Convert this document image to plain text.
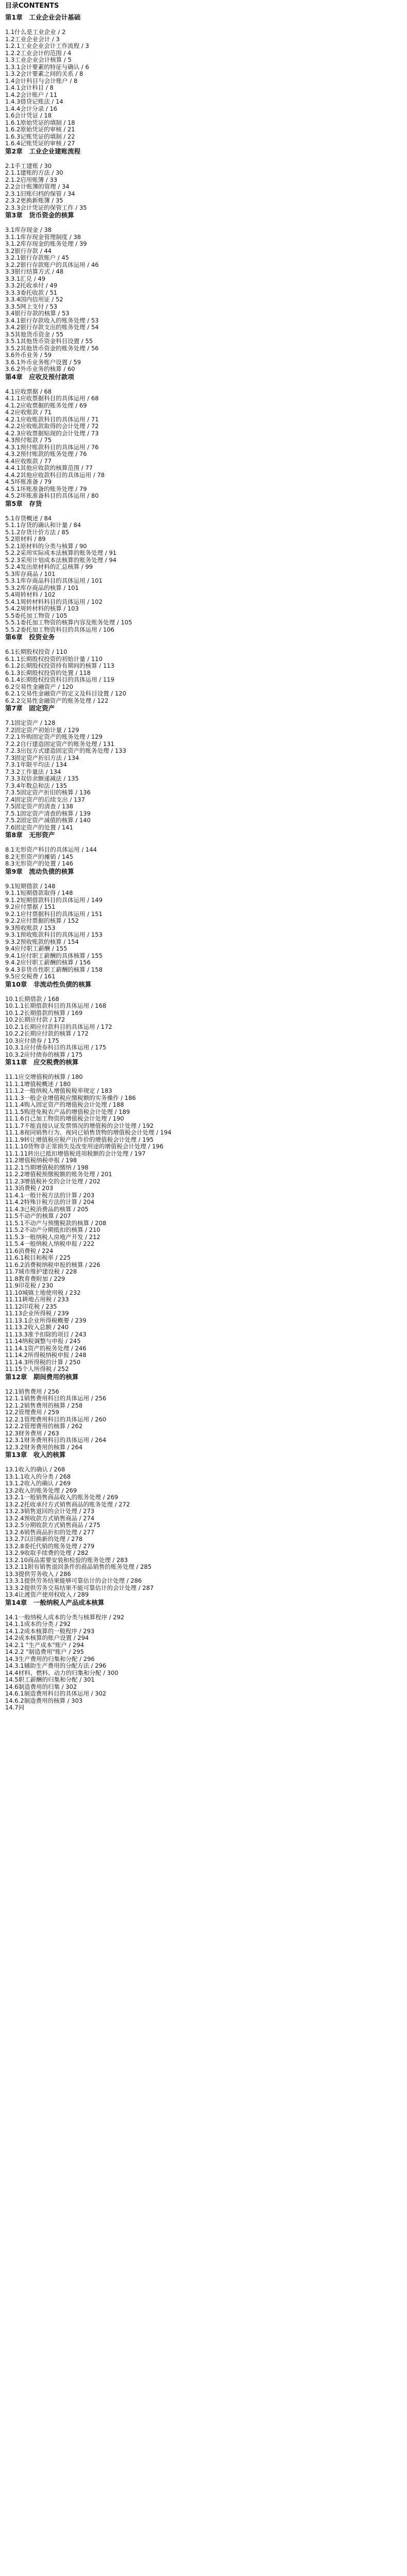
目录CONTENTS
第1章　工业企业会计基础
1.1什么是工业企业 / 2
1.2工业企业会计 / 3
1.2.1工业企业会计工作流程 / 3
1.2.2工业会计的范围 / 4
1.3工业企业会计核算 / 5
1.3.1会计要素的特征与确认 / 6
1.3.2会计要素之间的关系 / 8
1.4会计科目与会计账户 / 8
1.4.1会计科目 / 8
1.4.2会计账户 / 11
1.4.3借贷记账法 / 14
1.4.4会计分录 / 16
1.6会计凭证 / 18
1.6.1原始凭证的填制 / 18
1.6.2原始凭证的审核 / 21
1.6.3记账凭证的填制 / 22
1.6.4记账凭证的审核 / 27
第2章　工业企业建账流程
2.1手工建账 / 30
2.1.1建账的方法 / 30
2.1.2启用账簿 / 33
2.2会计账簿的管理 / 34
2.3.1旧账归档的保管 / 34
2.3.2更换新账簿 / 35
2.3.3会计凭证的保管工作 / 35
第3章　货币资金的核算
3.1库存现金 / 38
3.1.1库存现金管理制度 / 38
3.1.2库存现金的账务处理 / 39
3.2银行存款 / 44
3.2.1银行存款账户 / 45
3.2.2银行存款账户的具体运用 / 46
3.3银行结算方式 / 48
3.3.1汇兑 / 49
3.3.2托收承付 / 49
3.3.3委托收款 / 51
3.3.4国内信用证 / 52
3.3.5网上支付 / 53
3.4银行存款的核算 / 53
3.4.1银行存款收入的账务处理 / 53
3.4.2银行存款支出的账务处理 / 54
3.5其他货币资金 / 55
3.5.1其他货币资金科目设置 / 55
3.5.2其他货币资金的账务处理 / 56
3.6外币业务 / 59
3.6.1外币业务账户设置 / 59
3.6.2外币业务的核算 / 60
第4章　应收及预付款项
4.1应收票据 / 68
4.1.1应收票据科目的具体运用 / 68
4.1.2应收票据的账务处理 / 69
4.2应收账款 / 71
4.2.1应收账款科目的具体运用 / 71
4.2.2应收账款取得的会计处理 / 72
4.2.3应收票据贴现的会计处理 / 73
4.3预付账款 / 75
4.3.1预付账款科目的具体运用 / 76
4.3.2预付账款的账务处理 / 76
4.4应收账款 / 77
4.4.1其他应收款的核算范围 / 77
4.4.2其他应收款科目的具体运用 / 78
4.5坏账准备 / 79
4.5.1坏账准备的账务处理 / 79
4.5.2坏账准备科目的具体运用 / 80
第5章　存货
5.1存货概述 / 84
5.1.1存货的确认和计量 / 84
5.1.2存货计价方法 / 85
5.2原材料 / 89
5.2.1原材料的分类与核算 / 90
5.2.2采用实际成本法核算的账务处理 / 91
5.2.3采用计划成本法核算的账务处理 / 94
5.2.4发出原材料的汇总核算 / 99
5.3库存商品 / 101
5.3.1库存商品科目的具体运用 / 101
5.3.2库存商品的核算 / 101
5.4周转材料 / 102
5.4.1周转材料科目的具体运用 / 102
5.4.2周转材料的核算 / 103
5.5委托加工物资 / 105
5.5.1委托加工物资的核算内容及账务处理 / 105
5.5.2委托加工物资科目的具体运用 / 106
第6章　投资业务
6.1长期股权投资 / 110
6.1.1长期股权投资的初始计量 / 110
6.1.2长期股权投资持有期间的核算 / 113
6.1.3长期股权投资的处置 / 118
6.1.4长期股权投资科目的具体运用 / 119
6.2交易性金融资产 / 120
6.2.1交易性金融资产的定义及科目设置 / 120
6.2.2交易性金融资产的账务处理 / 122
第7章　固定资产
7.1固定资产 / 128
7.2固定资产初始计量 / 129
7.2.1外购固定资产的账务处理 / 129
7.2.2自行建造固定资产的账务处理 / 131
7.2.3出包方式建造固定资产的账务处理 / 133
7.3固定资产折旧方法 / 134
7.3.1年限平均法 / 134
7.3.2工作量法 / 134
7.3.3双倍余额递减法 / 135
7.3.4年数总和法 / 135
7.3.5固定资产折旧的核算 / 136
7.4固定资产的后续支出 / 137
7.5固定资产的清查 / 138
7.5.1固定资产清查的核算 / 139
7.5.2固定资产减值的核算 / 140
7.6固定资产的处置 / 141
第8章　无形资产
8.1无形资产科目的具体运用 / 144
8.2无形资产的摊销 / 145
8.3无形资产的处置 / 146
第9章　流动负债的核算
9.1短期借款 / 148
9.1.1短期借款取得 / 148
9.1.2短期借款科目的具体运用 / 149
9.2应付票据 / 151
9.2.1应付票据科目的具体运用 / 151
9.2.2应付票据的核算 / 152
9.3预收账款 / 153
9.3.1预收账款科目的具体运用 / 153
9.3.2预收账款的核算 / 154
9.4应付职工薪酬 / 155
9.4.1应付职工薪酬的具体核算 / 155
9.4.2应付职工薪酬的核算 / 156
9.4.3非货币性职工薪酬的核算 / 158
9.5应交税费 / 161
第10章　非流动性负债的核算
10.1长期借款 / 168
10.1.1长期借款科目的具体运用 / 168
10.1.2长期借款的核算 / 169
10.2长期应付款 / 172
10.2.1长期应付款科目的具体运用 / 172
10.2.2长期应付款的核算 / 172
10.3应付债券 / 175
10.3.1应付债券科目的具体运用 / 175
10.3.2应付债券的核算 / 175
第11章　应交税费的核算
11.1应交增值税的核算 / 180
11.1.1增值税概述 / 180
11.1.2一般纳税人增值税税率规定 / 183
11.1.3一般企业增值税应缴税额的实务操作 / 186
11.1.4购入固定资产的增值税会计处理 / 188
11.1.5购进免税农产品的增值税会计处理 / 189
11.1.6自己加工物资的增值税会计处理 / 190
11.1.7不能直接认证发票情况的增值税的会计处理 / 192
11.1.8视同销售行为、视同已销售货物的增值税会计处理 / 194
11.1.9转让增值税应税产出作价的增值税会计处理 / 195
11.1.10货物非正常损失及改变用途的增值税会计处理 / 196
11.1.11转出已抵扣增值税进项税额的会计处理 / 197
11.2增值税纳税申报 / 198
11.2.1当期增值税的缴纳 / 198
11.2.2增值税预缴税额的账务处理 / 201
11.2.3增值税补交的会计处理 / 202
11.3消费税 / 203
11.4.1一般计税方法的计算 / 203
11.4.2特殊计税方法的计算 / 204
11.4.3已税消费品的核算 / 205
11.5不动产的核算 / 207
11.5.1不动产与预缴税款的核算 / 208
11.5.2不动产分期抵扣的核算 / 210
11.5.3一般纳税人房地产开发 / 212
11.5.4一般纳税人纳税申报 / 222
11.6消费税 / 224
11.6.1税目和税率 / 225
11.6.2消费税纳税申报的核算 / 226
11.7城市维护建设税 / 228
11.8教育费附加 / 229
11.9印花税 / 230
11.10城镇土地使用税 / 232
11.11耕地占用税 / 233
11.12印花税 / 235
11.13企业所得税 / 239
11.13.1企业所得税概要 / 239
11.13.2收入总额 / 240
11.13.3准予扣除的项目 / 243
11.14纳税调整与申报 / 245
11.14.1资产的税务处理 / 246
11.14.2所得税纳税申报 / 248
11.14.3所得税的计算 / 250
11.15个人所得税 / 252
第12章　期间费用的核算
12.1销售费用 / 256
12.1.1销售费用科目的具体运用 / 256
12.1.2销售费用的核算 / 258
12.2管理费用 / 259
12.2.1管理费用科目的具体运用 / 260
12.2.2管理费用的核算 / 262
12.3财务费用 / 263
12.3.1财务费用科目的具体运用 / 264
12.3.2财务费用的核算 / 264
第13章　收入的核算
13.1收入的确认 / 268
13.1.1收入的分类 / 268
13.1.2收入的确认 / 269
13.2收入的账务处理 / 269
13.2.1一般销售商品收入的账务处理 / 269
13.2.2托收承付方式销售商品的账务处理 / 272
13.2.3销售退回的会计处理 / 273
13.2.4预收款方式销售商品 / 274
13.2.5分期收款方式销售商品 / 275
13.2.6销售商品折扣的处理 / 277
13.2.7以旧换新的处理 / 278
13.2.8委托代销的账务处理 / 279
13.2.9收取手续费的处理 / 282
13.2.10商品需要安装和检验的账务处理 / 283
13.2.11附有销售退回条件的商品销售的账务处理 / 285
13.3提供劳务收入 / 286
13.3.1提供劳务结果能够可靠估计的会计处理 / 286
13.3.2提供劳务交易结果不能可靠估计的会计处理 / 287
13.4让渡资产使用权收入 / 289
第14章　一般纳税人产品成本核算
14.1一般纳税人成本的分类与核算程序 / 292
14.1.1成本的分类 / 292
14.1.2成本核算的一般程序 / 293
14.2成本核算的账户设置 / 294
14.2.1 "生产成本"账户 / 294
14.2.2 "制造费用"账户 / 295
14.3生产费用的归集和分配 / 296
14.3.1辅助生产费用的分配方法 / 296
14.4材料、燃料、动力的归集和分配 / 300
14.5职工薪酬的归集和分配 / 301
14.6制造费用的归集 / 302
14.6.1制造费用科目的具体运用 / 302
14.6.2制造费用的核算 / 303
14.7同
